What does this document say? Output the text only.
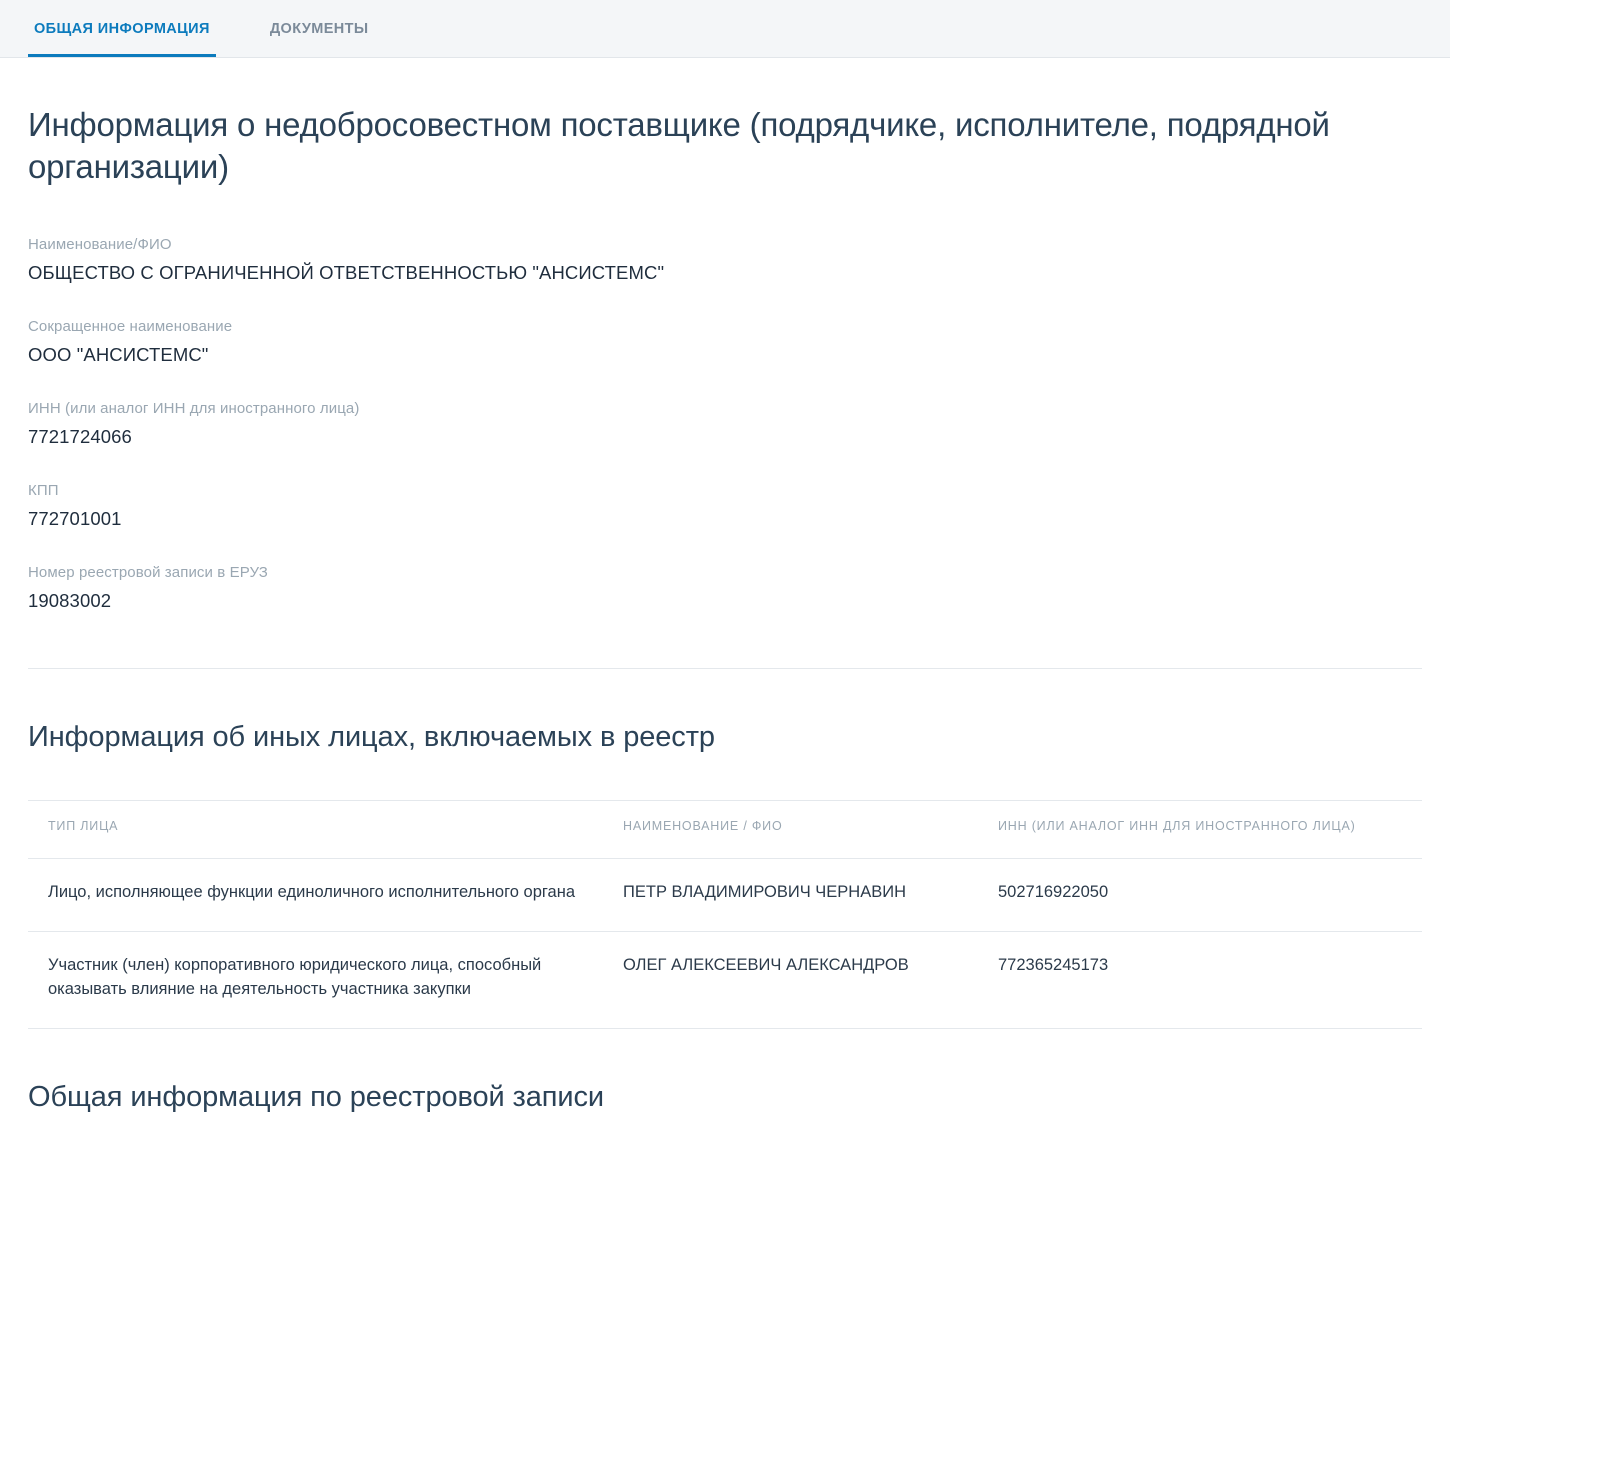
ОБЩАЯ ИНФОРМАЦИЯ	ДОКУМЕНТЫ
Информация о недобросовестном поставщике (подрядчике, исполнителе, подрядной организации)
Наименование/ФИО
ОБЩЕСТВО С ОГРАНИЧЕННОЙ ОТВЕТСТВЕННОСТЬЮ "АНСИСТЕМС"
Сокращенное наименование
ООО "АНСИСТЕМС"
ИНН (или аналог ИНН для иностранного лица)
7721724066
КПП
772701001
Номер реестровой записи в ЕРУЗ
19083002
Информация об иных лицах, включаемых в реестр
ТИП ЛИЦА	НАИМЕНОВАНИЕ / ФИО	ИНН (ИЛИ АНАЛОГ ИНН ДЛЯ ИНОСТРАННОГО ЛИЦА)
Лицо, исполняющее функции единоличного исполнительного органа	ПЕТР ВЛАДИМИРОВИЧ ЧЕРНАВИН	502716922050
Участник (член) корпоративного юридического лица, способный оказывать влияние на деятельность участника закупки	ОЛЕГ АЛЕКСЕЕВИЧ АЛЕКСАНДРОВ	772365245173
Общая информация по реестровой записи
